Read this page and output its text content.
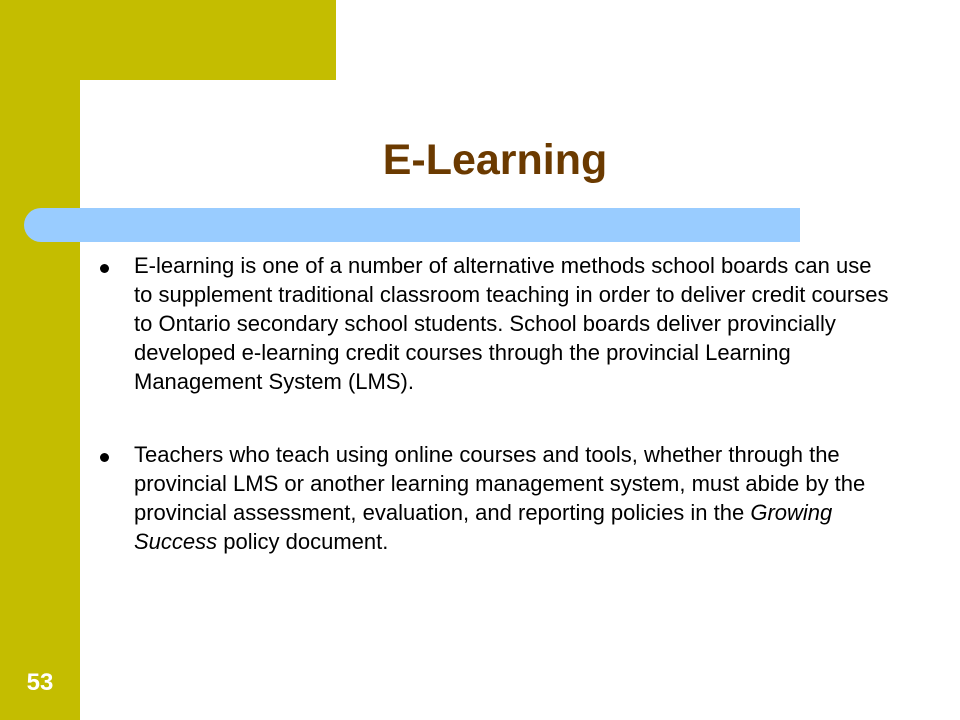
E-Learning
E-learning is one of a number of alternative methods school boards can use to supplement traditional classroom teaching in order to deliver credit courses to Ontario secondary school students. School boards deliver provincially developed e-learning credit courses through the provincial Learning Management System (LMS).
Teachers who teach using online courses and tools, whether through the provincial LMS or another learning management system, must abide by the provincial assessment, evaluation, and reporting policies in the Growing Success policy document.
53
